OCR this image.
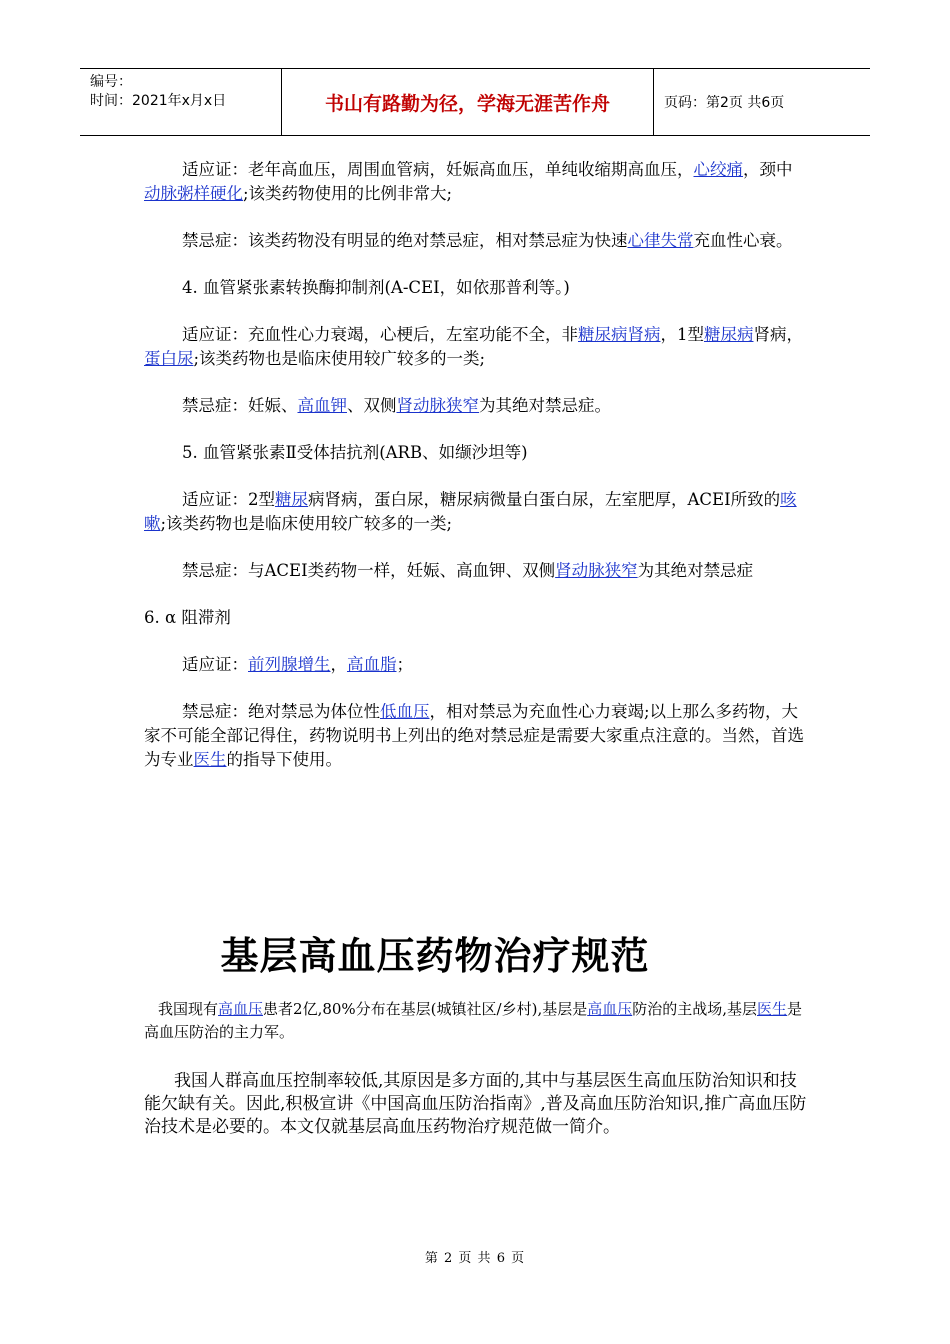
编号：
时间：2021年x月x日	书山有路勤为径，学海无涯苦作舟	页码：第2页 共6页

适应证：老年高血压，周围血管病，妊娠高血压，单纯收缩期高血压，心绞痛，颈中动脉粥样硬化;该类药物使用的比例非常大;

禁忌症：该类药物没有明显的绝对禁忌症，相对禁忌症为快速心律失常充血性心衰。

4. 血管紧张素转换酶抑制剂(A-CEI，如依那普利等。)

适应证：充血性心力衰竭，心梗后，左室功能不全，非糖尿病肾病，1型糖尿病肾病，蛋白尿;该类药物也是临床使用较广较多的一类;

禁忌症：妊娠、高血钾、双侧肾动脉狭窄为其绝对禁忌症。

5. 血管紧张素Ⅱ受体拮抗剂(ARB、如缬沙坦等)

适应证：2型糖尿病肾病，蛋白尿，糖尿病微量白蛋白尿，左室肥厚，ACEI所致的咳嗽;该类药物也是临床使用较广较多的一类;

禁忌症：与ACEI类药物一样，妊娠、高血钾、双侧肾动脉狭窄为其绝对禁忌症

6. α 阻滞剂

适应证：前列腺增生，高血脂；

禁忌症：绝对禁忌为体位性低血压，相对禁忌为充血性心力衰竭;以上那么多药物，大家不可能全部记得住，药物说明书上列出的绝对禁忌症是需要大家重点注意的。当然，首选为专业医生的指导下使用。

基层高血压药物治疗规范

我国现有高血压患者2亿,80%分布在基层(城镇社区/乡村),基层是高血压防治的主战场,基层医生是高血压防治的主力军。

我国人群高血压控制率较低,其原因是多方面的,其中与基层医生高血压防治知识和技能欠缺有关。因此,积极宣讲《中国高血压防治指南》,普及高血压防治知识,推广高血压防治技术是必要的。本文仅就基层高血压药物治疗规范做一简介。

第 2 页 共 6 页
